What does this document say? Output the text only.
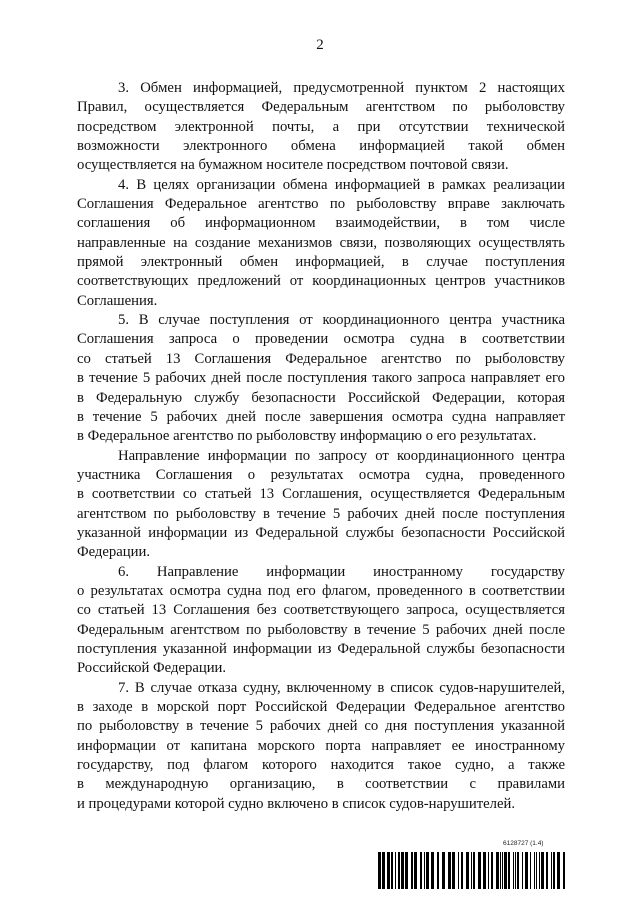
2
3. Обмен информацией, предусмотренной пунктом 2 настоящих
Правил, осуществляется Федеральным агентством по рыболовству
посредством электронной почты, а при отсутствии технической
возможности электронного обмена информацией такой обмен
осуществляется на бумажном носителе посредством почтовой связи.
4. В целях организации обмена информацией в рамках реализации
Соглашения Федеральное агентство по рыболовству вправе заключать
соглашения об информационном взаимодействии, в том числе
направленные на создание механизмов связи, позволяющих осуществлять
прямой электронный обмен информацией, в случае поступления
соответствующих предложений от координационных центров участников
Соглашения.
5. В случае поступления от координационного центра участника
Соглашения запроса о проведении осмотра судна в соответствии
со статьей 13 Соглашения Федеральное агентство по рыболовству
в течение 5 рабочих дней после поступления такого запроса направляет его
в Федеральную службу безопасности Российской Федерации, которая
в течение 5 рабочих дней после завершения осмотра судна направляет
в Федеральное агентство по рыболовству информацию о его результатах.
Направление информации по запросу от координационного центра
участника Соглашения о результатах осмотра судна, проведенного
в соответствии со статьей 13 Соглашения, осуществляется Федеральным
агентством по рыболовству в течение 5 рабочих дней после поступления
указанной информации из Федеральной службы безопасности Российской
Федерации.
6. Направление информации иностранному государству
о результатах осмотра судна под его флагом, проведенного в соответствии
со статьей 13 Соглашения без соответствующего запроса, осуществляется
Федеральным агентством по рыболовству в течение 5 рабочих дней после
поступления указанной информации из Федеральной службы безопасности
Российской Федерации.
7. В случае отказа судну, включенному в список судов-нарушителей,
в заходе в морской порт Российской Федерации Федеральное агентство
по рыболовству в течение 5 рабочих дней со дня поступления указанной
информации от капитана морского порта направляет ее иностранному
государству, под флагом которого находится такое судно, а также
в международную организацию, в соответствии с правилами
и процедурами которой судно включено в список судов-нарушителей.
6128727 (1.4)
